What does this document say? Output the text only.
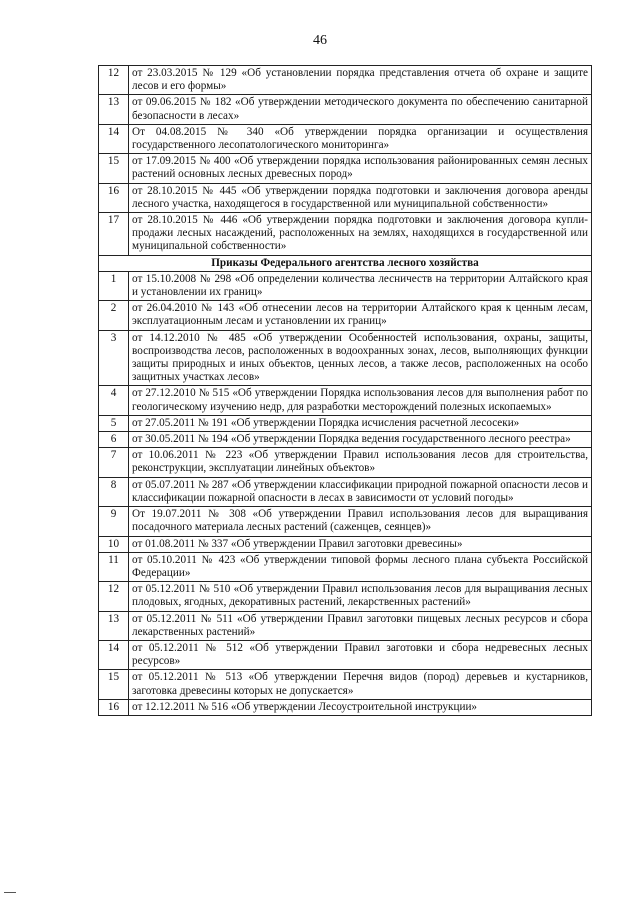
46
12	от 23.03.2015 № 129 «Об установлении порядка представления отчета об охране и защите лесов и его формы»
13	от 09.06.2015 № 182 «Об утверждении методического документа по обеспечению санитарной безопасности в лесах»
14	От 04.08.2015 № 340 «Об утверждении порядка организации и осуществления государственного лесопатологического мониторинга»
15	от 17.09.2015 № 400 «Об утверждении порядка использования районированных семян лесных растений основных лесных древесных пород»
16	от 28.10.2015 № 445 «Об утверждении порядка подготовки и заключения договора аренды лесного участка, находящегося в государственной или муниципальной собственности»
17	от 28.10.2015 № 446 «Об утверждении порядка подготовки и заключения договора купли-продажи лесных насаждений, расположенных на землях, находящихся в государственной или муниципальной собственности»
Приказы Федерального агентства лесного хозяйства	
1	от 15.10.2008 № 298 «Об определении количества лесничеств на территории Алтайского края и установлении их границ»
2	от 26.04.2010 № 143 «Об отнесении лесов на территории Алтайского края к ценным лесам, эксплуатационным лесам и установлении их границ»
3	от 14.12.2010 № 485 «Об утверждении Особенностей использования, охраны, защиты, воспроизводства лесов, расположенных в водоохранных зонах, лесов, выполняющих функции защиты природных и иных объектов, ценных лесов, а также лесов, расположенных на особо защитных участках лесов»
4	от 27.12.2010 № 515 «Об утверждении Порядка использования лесов для выполнения работ по геологическому изучению недр, для разработки месторождений полезных ископаемых»
5	от 27.05.2011 № 191 «Об утверждении Порядка исчисления расчетной лесосеки»
6	от 30.05.2011 № 194 «Об утверждении Порядка ведения государственного лесного реестра»
7	от 10.06.2011 № 223 «Об утверждении Правил использования лесов для строительства, реконструкции, эксплуатации линейных объектов»
8	от 05.07.2011 № 287 «Об утверждении классификации природной пожарной опасности лесов и классификации пожарной опасности в лесах в зависимости от условий погоды»
9	От 19.07.2011 № 308 «Об утверждении Правил использования лесов для выращивания посадочного материала лесных растений (саженцев, сеянцев)»
10	от 01.08.2011 № 337 «Об утверждении Правил заготовки древесины»
11	от 05.10.2011 № 423 «Об утверждении типовой формы лесного плана субъекта Российской Федерации»
12	от 05.12.2011 № 510 «Об утверждении Правил использования лесов для выращивания лесных плодовых, ягодных, декоративных растений, лекарственных растений»
13	от 05.12.2011 № 511 «Об утверждении Правил заготовки пищевых лесных ресурсов и сбора лекарственных растений»
14	от 05.12.2011 № 512 «Об утверждении Правил заготовки и сбора недревесных лесных ресурсов»
15	от 05.12.2011 № 513 «Об утверждении Перечня видов (пород) деревьев и кустарников, заготовка древесины которых не допускается»
16	от 12.12.2011 № 516 «Об утверждении Лесоустроительной инструкции»
